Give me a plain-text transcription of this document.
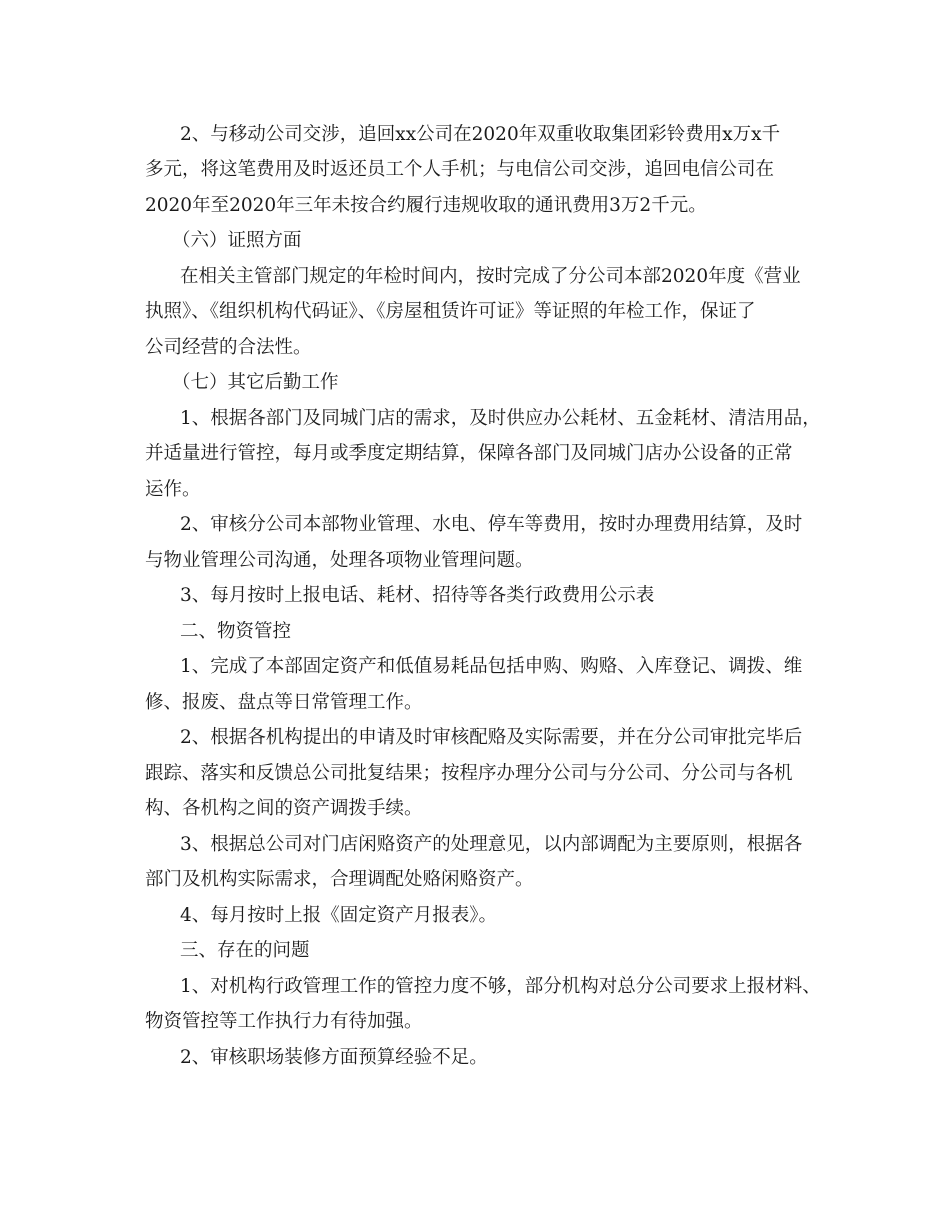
2、与移动公司交涉，追回xx公司在2020年双重收取集团彩铃费用x万x千
多元，将这笔费用及时返还员工个人手机；与电信公司交涉，追回电信公司在
2020年至2020年三年未按合约履行违规收取的通讯费用3万2千元。
（六）证照方面
在相关主管部门规定的年检时间内，按时完成了分公司本部2020年度《营业
执照》、《组织机构代码证》、《房屋租赁许可证》等证照的年检工作，保证了
公司经营的合法性。
（七）其它后勤工作
1、根据各部门及同城门店的需求，及时供应办公耗材、五金耗材、清洁用品，
并适量进行管控，每月或季度定期结算，保障各部门及同城门店办公设备的正常
运作。
2、审核分公司本部物业管理、水电、停车等费用，按时办理费用结算，及时
与物业管理公司沟通，处理各项物业管理问题。
3、每月按时上报电话、耗材、招待等各类行政费用公示表
二、物资管控
1、完成了本部固定资产和低值易耗品包括申购、购赂、入库登记、调拨、维
修、报废、盘点等日常管理工作。
2、根据各机构提出的申请及时审核配赂及实际需要，并在分公司审批完毕后
跟踪、落实和反馈总公司批复结果；按程序办理分公司与分公司、分公司与各机
构、各机构之间的资产调拨手续。
3、根据总公司对门店闲赂资产的处理意见，以内部调配为主要原则，根据各
部门及机构实际需求，合理调配处赂闲赂资产。
4、每月按时上报《固定资产月报表》。
三、存在的问题
1、对机构行政管理工作的管控力度不够，部分机构对总分公司要求上报材料、
物资管控等工作执行力有待加强。
2、审核职场装修方面预算经验不足。
